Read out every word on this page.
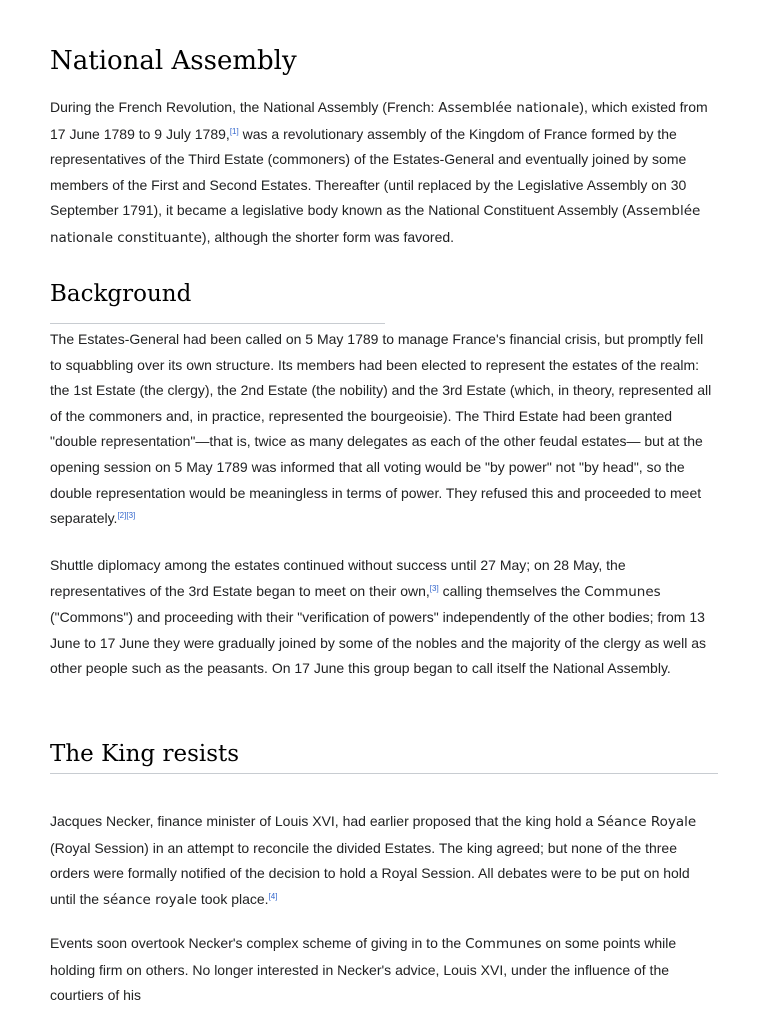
National Assembly

During the French Revolution, the National Assembly (French: Assemblée nationale), which existed from 17 June 1789 to 9 July 1789,[1] was a revolutionary assembly of the Kingdom of France formed by the representatives of the Third Estate (commoners) of the Estates-General and eventually joined by some members of the First and Second Estates. Thereafter (until replaced by the Legislative Assembly on 30 September 1791), it became a legislative body known as the National Constituent Assembly (Assemblée nationale constituante), although the shorter form was favored.

Background

The Estates-General had been called on 5 May 1789 to manage France's financial crisis, but promptly fell to squabbling over its own structure. Its members had been elected to represent the estates of the realm: the 1st Estate (the clergy), the 2nd Estate (the nobility) and the 3rd Estate (which, in theory, represented all of the commoners and, in practice, represented the bourgeoisie). The Third Estate had been granted "double representation"—that is, twice as many delegates as each of the other feudal estates— but at the opening session on 5 May 1789 was informed that all voting would be "by power" not "by head", so the double representation would be meaningless in terms of power. They refused this and proceeded to meet separately.[2][3]

Shuttle diplomacy among the estates continued without success until 27 May; on 28 May, the representatives of the 3rd Estate began to meet on their own,[3] calling themselves the Communes ("Commons") and proceeding with their "verification of powers" independently of the other bodies; from 13 June to 17 June they were gradually joined by some of the nobles and the majority of the clergy as well as other people such as the peasants. On 17 June this group began to call itself the National Assembly.

The King resists

Jacques Necker, finance minister of Louis XVI, had earlier proposed that the king hold a Séance Royale (Royal Session) in an attempt to reconcile the divided Estates. The king agreed; but none of the three orders were formally notified of the decision to hold a Royal Session. All debates were to be put on hold until the séance royale took place.[4]

Events soon overtook Necker's complex scheme of giving in to the Communes on some points while holding firm on others. No longer interested in Necker's advice, Louis XVI, under the influence of the courtiers of his
